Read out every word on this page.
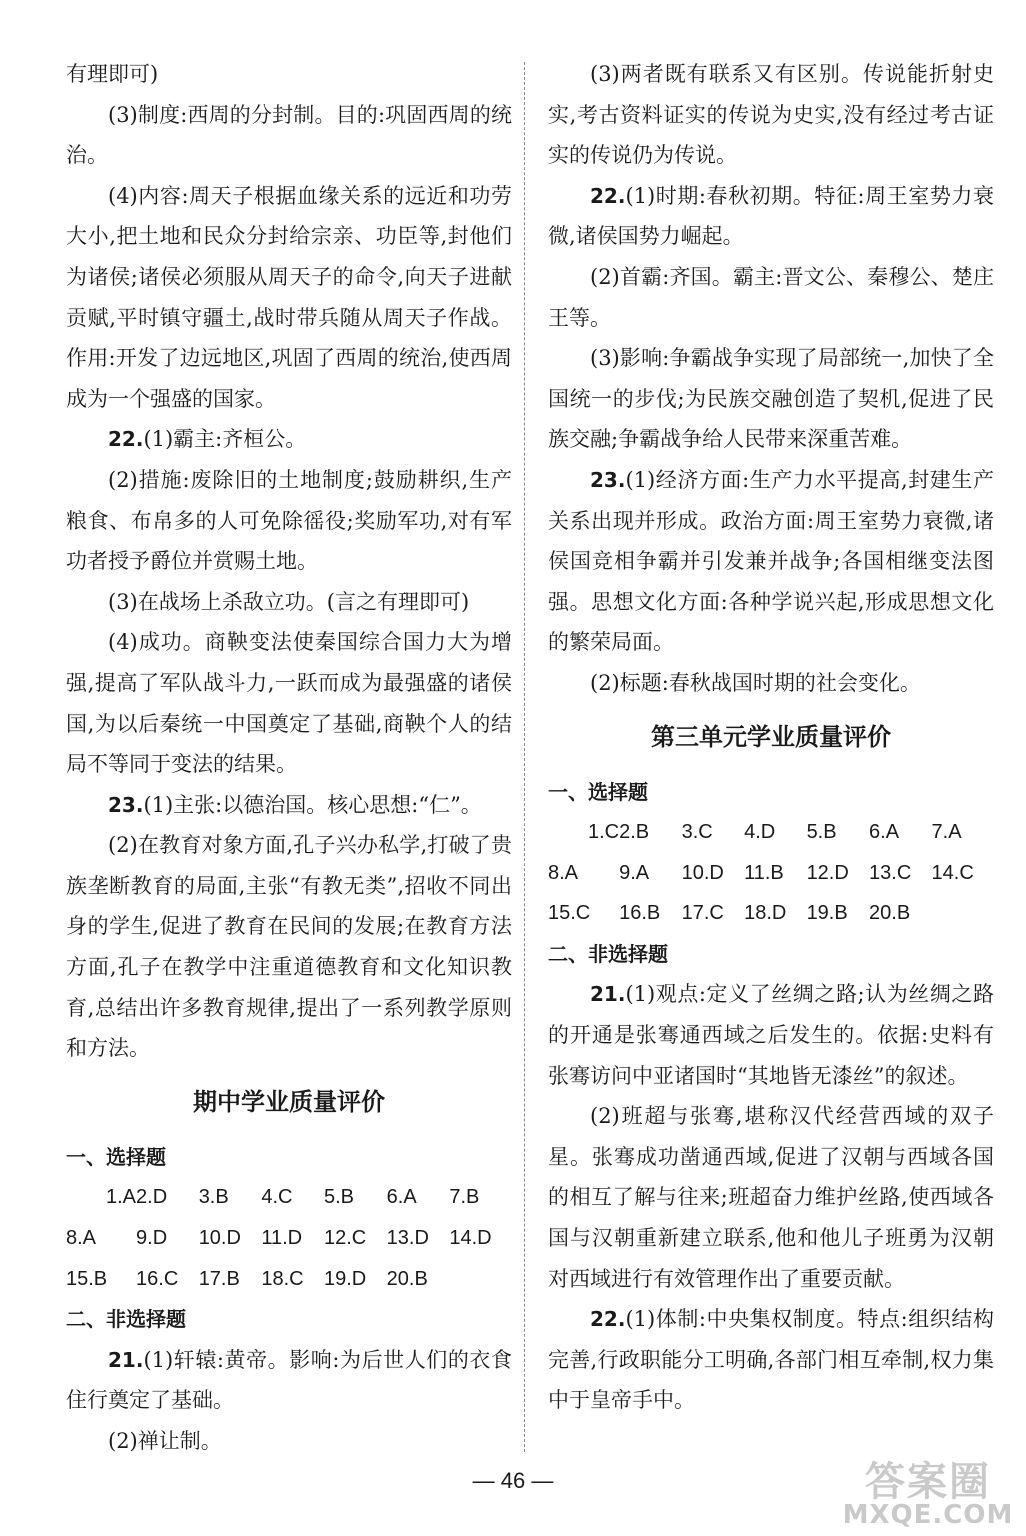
有理即可)

(3)制度:西周的分封制。目的:巩固西周的统治。

(4)内容:周天子根据血缘关系的远近和功劳大小,把土地和民众分封给宗亲、功臣等,封他们为诸侯;诸侯必须服从周天子的命令,向天子进献贡赋,平时镇守疆土,战时带兵随从周天子作战。作用:开发了边远地区,巩固了西周的统治,使西周成为一个强盛的国家。

22.(1)霸主:齐桓公。

(2)措施:废除旧的土地制度;鼓励耕织,生产粮食、布帛多的人可免除徭役;奖励军功,对有军功者授予爵位并赏赐土地。

(3)在战场上杀敌立功。(言之有理即可)

(4)成功。商鞅变法使秦国综合国力大为增强,提高了军队战斗力,一跃而成为最强盛的诸侯国,为以后秦统一中国奠定了基础,商鞅个人的结局不等同于变法的结果。

23.(1)主张:以德治国。核心思想:“仁”。

(2)在教育对象方面,孔子兴办私学,打破了贵族垄断教育的局面,主张“有教无类”,招收不同出身的学生,促进了教育在民间的发展;在教育方法方面,孔子在教学中注重道德教育和文化知识教育,总结出许多教育规律,提出了一系列教学原则和方法。

期中学业质量评价

一、选择题

1.A 2.D	3.B	4.C	5.B	6.A	7.B
8.A	9.D	10.D	11.D	12.C	13.D	14.D
15.B	16.C	17.B	18.C	19.D	20.B

二、非选择题

21.(1)轩辕:黄帝。影响:为后世人们的衣食住行奠定了基础。

(2)禅让制。

(3)两者既有联系又有区别。传说能折射史实,考古资料证实的传说为史实,没有经过考古证实的传说仍为传说。

22.(1)时期:春秋初期。特征:周王室势力衰微,诸侯国势力崛起。

(2)首霸:齐国。霸主:晋文公、秦穆公、楚庄王等。

(3)影响:争霸战争实现了局部统一,加快了全国统一的步伐;为民族交融创造了契机,促进了民族交融;争霸战争给人民带来深重苦难。

23.(1)经济方面:生产力水平提高,封建生产关系出现并形成。政治方面:周王室势力衰微,诸侯国竞相争霸并引发兼并战争;各国相继变法图强。思想文化方面:各种学说兴起,形成思想文化的繁荣局面。

(2)标题:春秋战国时期的社会变化。

第三单元学业质量评价

一、选择题

1.C 2.B	3.C	4.D	5.B	6.A	7.A
8.A	9.A	10.D	11.B	12.D	13.C	14.C
15.C	16.B	17.C	18.D	19.B	20.B

二、非选择题

21.(1)观点:定义了丝绸之路;认为丝绸之路的开通是张骞通西域之后发生的。依据:史料有张骞访问中亚诸国时“其地皆无漆丝”的叙述。

(2)班超与张骞,堪称汉代经营西域的双子星。张骞成功凿通西域,促进了汉朝与西域各国的相互了解与往来;班超奋力维护丝路,使西域各国与汉朝重新建立联系,他和他儿子班勇为汉朝对西域进行有效管理作出了重要贡献。

22.(1)体制:中央集权制度。特点:组织结构完善,行政职能分工明确,各部门相互牵制,权力集中于皇帝手中。

— 46 —	答案圈
MXQE.COM
